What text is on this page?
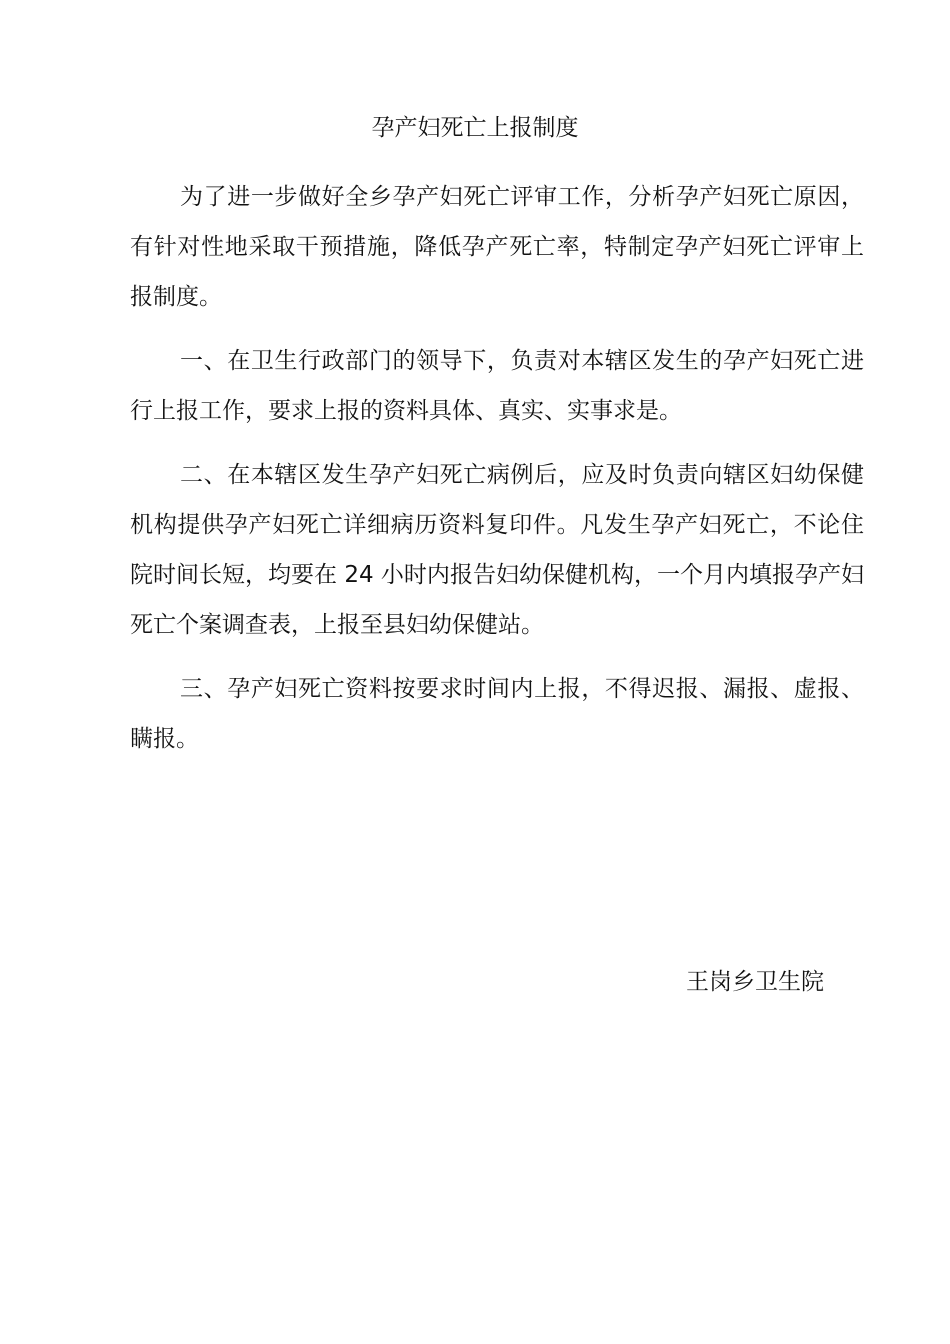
孕产妇死亡上报制度

为了进一步做好全乡孕产妇死亡评审工作，分析孕产妇死亡原因，有针对性地采取干预措施，降低孕产死亡率，特制定孕产妇死亡评审上报制度。

一、在卫生行政部门的领导下，负责对本辖区发生的孕产妇死亡进行上报工作，要求上报的资料具体、真实、实事求是。

二、在本辖区发生孕产妇死亡病例后，应及时负责向辖区妇幼保健机构提供孕产妇死亡详细病历资料复印件。凡发生孕产妇死亡，不论住院时间长短，均要在 24 小时内报告妇幼保健机构，一个月内填报孕产妇死亡个案调查表，上报至县妇幼保健站。

三、孕产妇死亡资料按要求时间内上报，不得迟报、漏报、虚报、瞒报。

王岗乡卫生院
